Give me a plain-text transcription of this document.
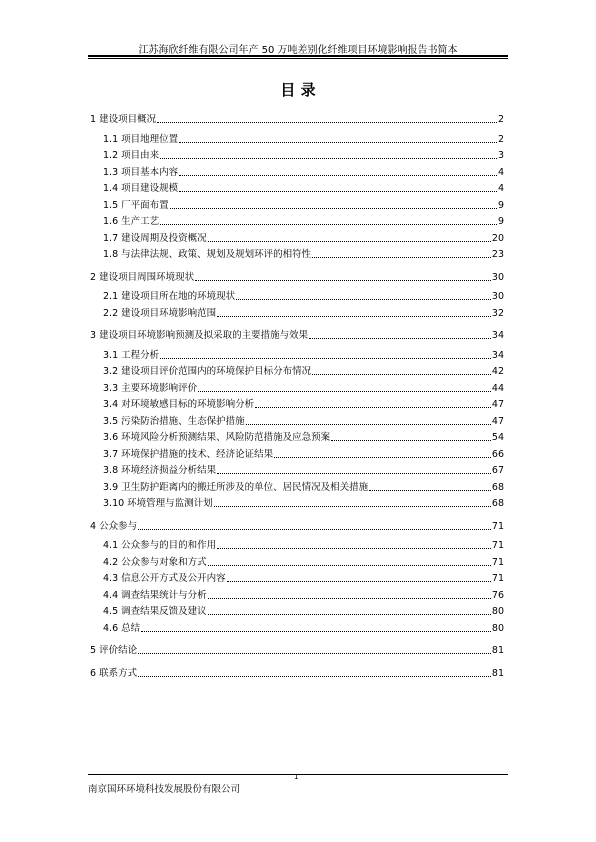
江苏海欣纤维有限公司年产 50 万吨差别化纤维项目环境影响报告书简本
目 录
1 建设项目概况	2
1.1 项目地理位置	2
1.2 项目由来	3
1.3 项目基本内容	4
1.4 项目建设规模	4
1.5 厂平面布置	9
1.6 生产工艺	9
1.7 建设周期及投资概况	20
1.8 与法律法规、政策、规划及规划环评的相符性	23
2 建设项目周围环境现状	30
2.1 建设项目所在地的环境现状	30
2.2 建设项目环境影响范围	32
3 建设项目环境影响预测及拟采取的主要措施与效果	34
3.1 工程分析	34
3.2 建设项目评价范围内的环境保护目标分布情况	42
3.3 主要环境影响评价	44
3.4 对环境敏感目标的环境影响分析	47
3.5 污染防治措施、生态保护措施	47
3.6 环境风险分析预测结果、风险防范措施及应急预案	54
3.7 环境保护措施的技术、经济论证结果	66
3.8 环境经济损益分析结果	67
3.9 卫生防护距离内的搬迁所涉及的单位、居民情况及相关措施	68
3.10 环境管理与监测计划	68
4 公众参与	71
4.1 公众参与的目的和作用	71
4.2 公众参与对象和方式	71
4.3 信息公开方式及公开内容	71
4.4 调查结果统计与分析	76
4.5 调查结果反馈及建议	80
4.6 总结	80
5 评价结论	81
6 联系方式	81
1
南京国环环境科技发展股份有限公司
